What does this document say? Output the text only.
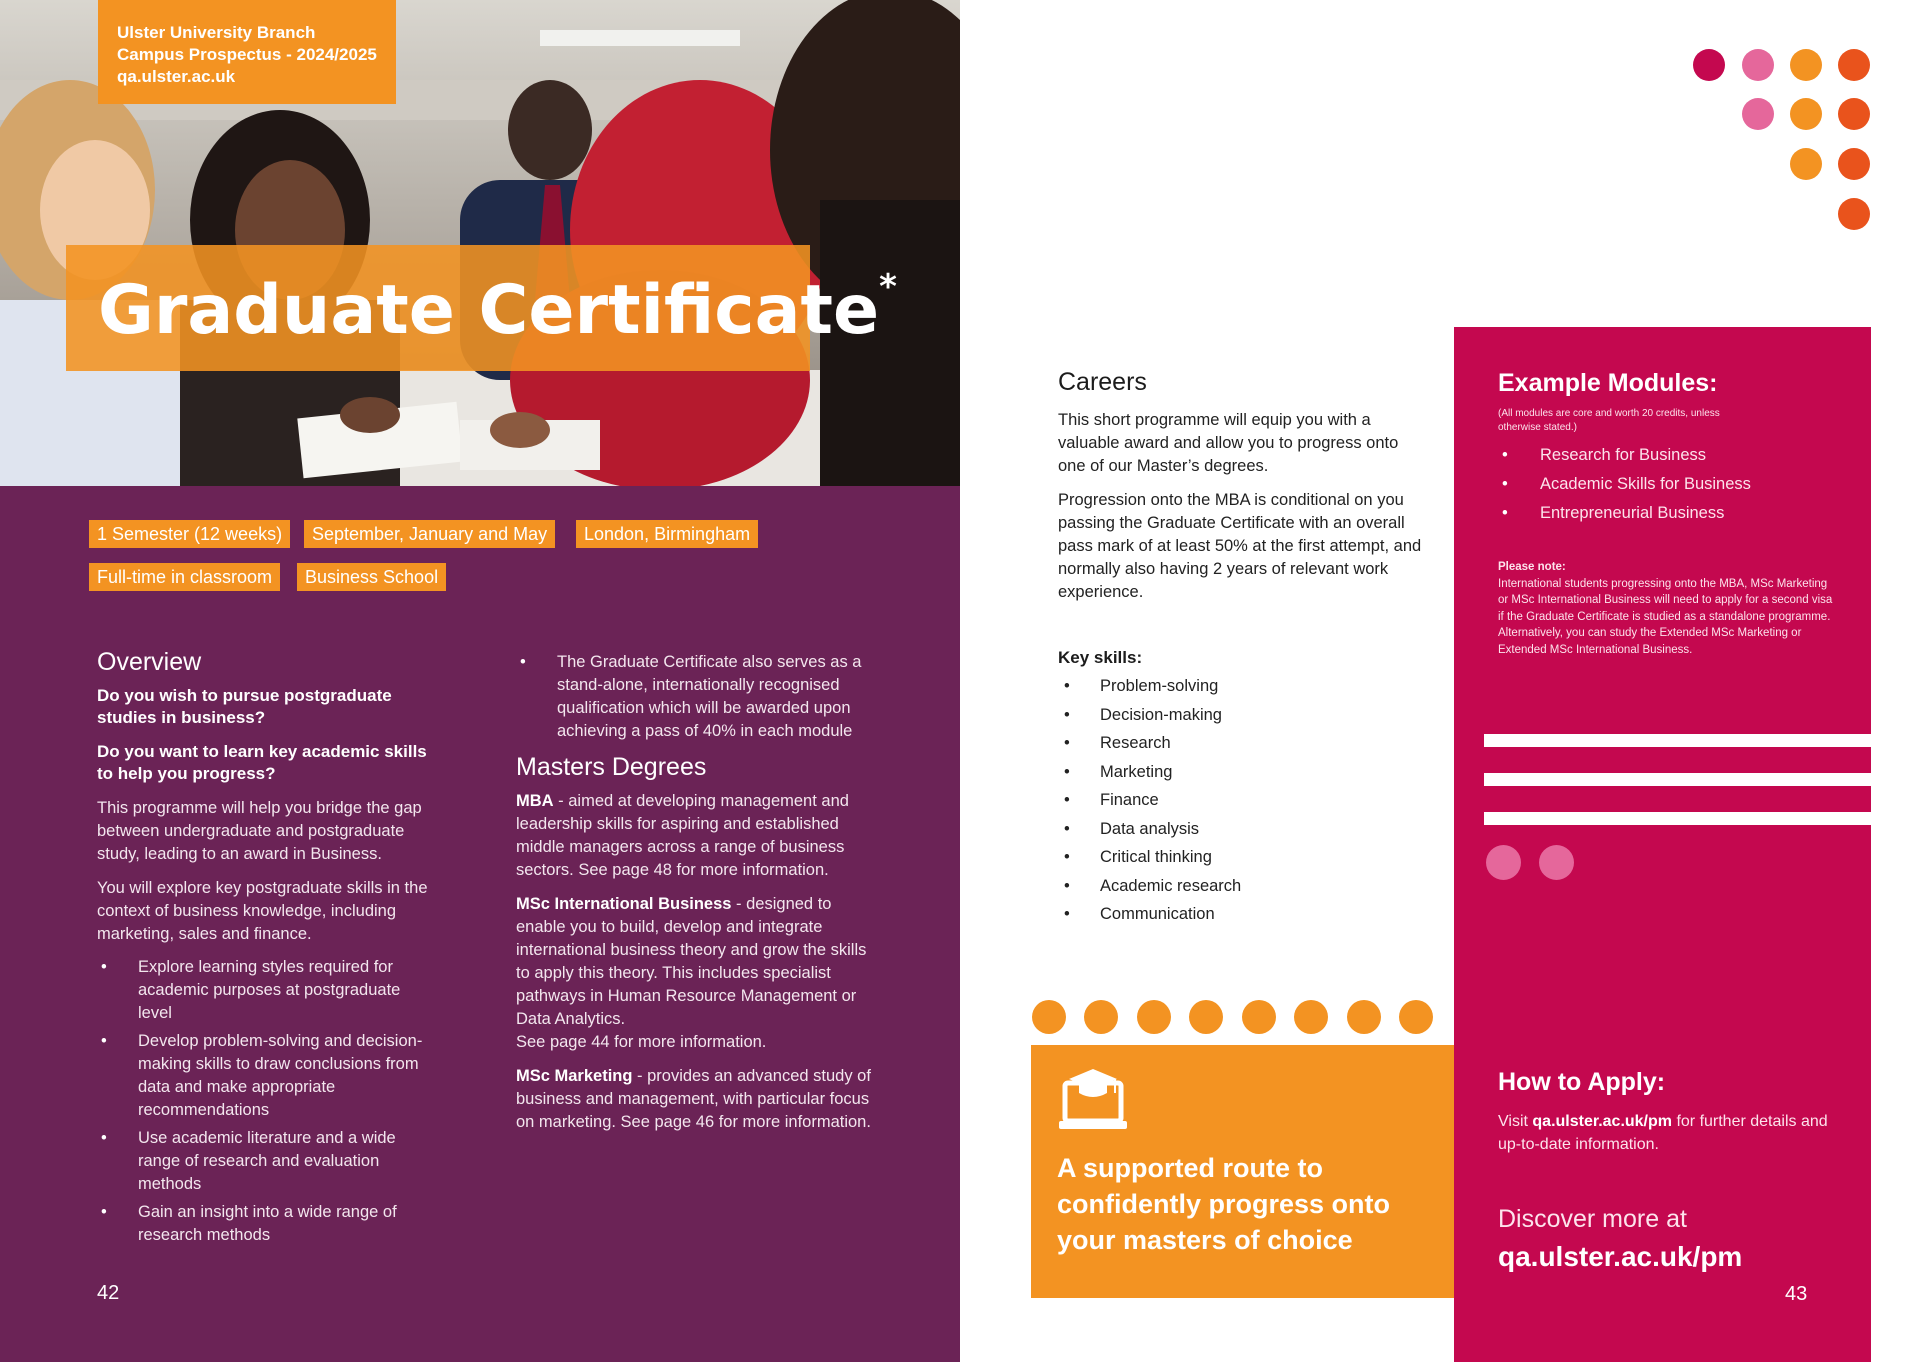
Ulster University Branch
Campus Prospectus - 2024/2025
qa.ulster.ac.uk
Graduate Certificate*
1 Semester (12 weeks)	September, January and May	London, Birmingham
Full-time in classroom	Business School
Overview
Do you wish to pursue postgraduate studies in business?
Do you want to learn key academic skills to help you progress?

This programme will help you bridge the gap between undergraduate and postgraduate study, leading to an award in Business.

You will explore key postgraduate skills in the context of business knowledge, including marketing, sales and finance.

• Explore learning styles required for academic purposes at postgraduate level
• Develop problem-solving and decision-making skills to draw conclusions from data and make appropriate recommendations
• Use academic literature and a wide range of research and evaluation methods
• Gain an insight into a wide range of research methods
• The Graduate Certificate also serves as a stand-alone, internationally recognised qualification which will be awarded upon achieving a pass of 40% in each module
Masters Degrees

MBA - aimed at developing management and leadership skills for aspiring and established middle managers across a range of business sectors. See page 48 for more information.

MSc International Business - designed to enable you to build, develop and integrate international business theory and grow the skills to apply this theory. This includes specialist pathways in Human Resource Management or Data Analytics.
See page 44 for more information.

MSc Marketing - provides an advanced study of business and management, with particular focus on marketing. See page 46 for more information.

42
Careers

This short programme will equip you with a valuable award and allow you to progress onto one of our Master’s degrees.

Progression onto the MBA is conditional on you passing the Graduate Certificate with an overall pass mark of at least 50% at the first attempt, and normally also having 2 years of relevant work experience.

Key skills:
• Problem-solving
• Decision-making
• Research
• Marketing
• Finance
• Data analysis
• Critical thinking
• Academic research
• Communication
A supported route to confidently progress onto your masters of choice
Example Modules:
(All modules are core and worth 20 credits, unless otherwise stated.)
• Research for Business
• Academic Skills for Business
• Entrepreneurial Business
Please note:
International students progressing onto the MBA, MSc Marketing or MSc International Business will need to apply for a second visa if the Graduate Certificate is studied as a standalone programme. Alternatively, you can study the Extended MSc Marketing or Extended MSc International Business.
How to Apply:
Visit qa.ulster.ac.uk/pm for further details and up-to-date information.
Discover more at
qa.ulster.ac.uk/pm
43
